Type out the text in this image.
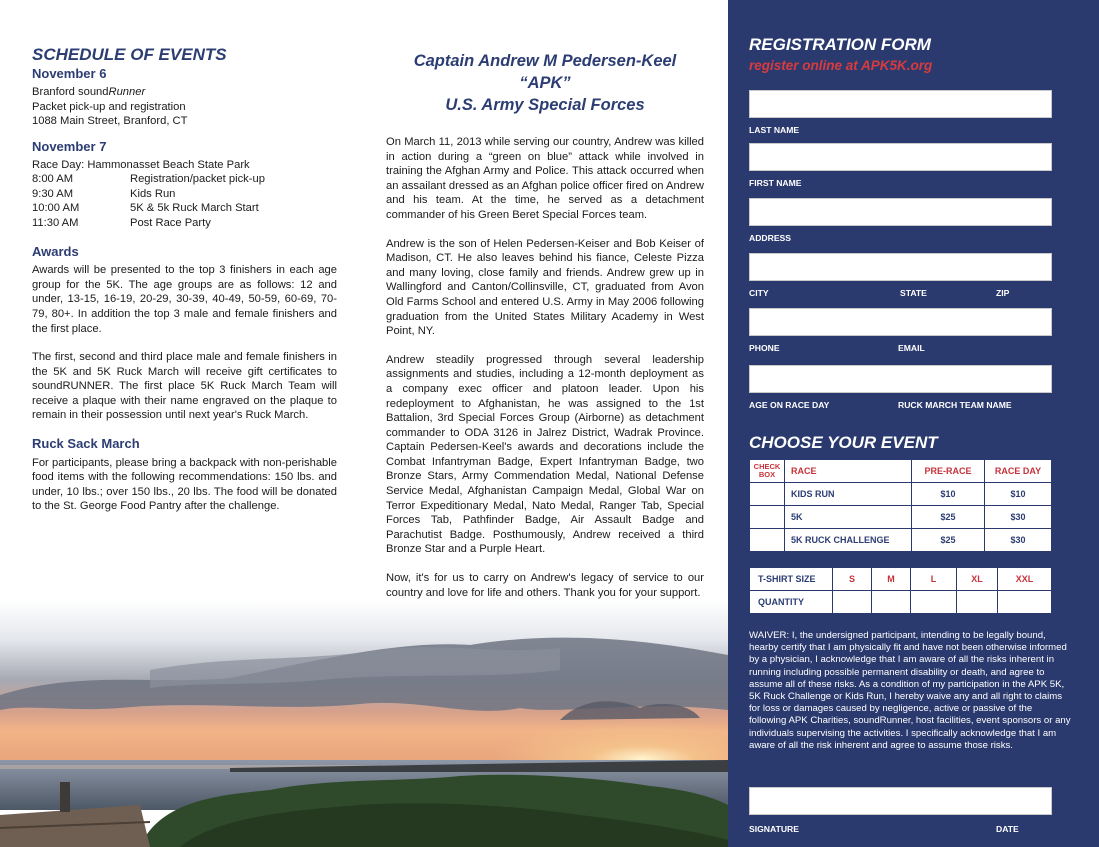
SCHEDULE OF EVENTS

November 6

Branford soundRunner

Packet pick-up and registration

1088 Main Street, Branford, CT

November 7

Race Day: Hammonasset Beach State Park

8:00 AM	Registration/packet pick-up
9:30 AM	Kids Run
10:00 AM	5K & 5k Ruck March Start
11:30 AM	Post Race Party

Awards

Awards will be presented to the top 3 finishers in each age group for the 5K. The age groups are as follows: 12 and under, 13-15, 16-19, 20-29, 30-39, 40-49, 50-59, 60-69, 70-79, 80+. In addition the top 3 male and female finishers and the first place.

The first, second and third place male and female finishers in the 5K and 5K Ruck March will receive gift certificates to soundRUNNER. The first place 5K Ruck March Team will receive a plaque with their name engraved on the plaque to remain in their possession until next year's Ruck March.

Ruck Sack March

For participants, please bring a backpack with non-perishable food items with the following recommendations: 150 lbs. and under, 10 lbs.; over 150 lbs., 20 lbs. The food will be donated to the St. George Food Pantry after the challenge.

Captain Andrew M Pedersen-Keel

“APK”

U.S. Army Special Forces

On March 11, 2013 while serving our country, Andrew was killed in action during a “green on blue” attack while involved in training the Afghan Army and Police. This attack occurred when an assailant dressed as an Afghan police officer fired on Andrew and his team. At the time, he served as a detachment commander of his Green Beret Special Forces team.

Andrew is the son of Helen Pedersen-Keiser and Bob Keiser of Madison, CT. He also leaves behind his fiance, Celeste Pizza and many loving, close family and friends. Andrew grew up in Wallingford and Canton/Collinsville, CT, graduated from Avon Old Farms School and entered U.S. Army in May 2006 following graduation from the United States Military Academy in West Point, NY.

Andrew steadily progressed through several leadership assignments and studies, including a 12-month deployment as a company exec officer and platoon leader. Upon his redeployment to Afghanistan, he was assigned to the 1st Battalion, 3rd Special Forces Group (Airborne) as detachment commander to ODA 3126 in Jalrez District, Wadrak Province. Captain Pedersen-Keel's awards and decorations include the Combat Infantryman Badge, Expert Infantryman Badge, two Bronze Stars, Army Commendation Medal, National Defense Service Medal, Afghanistan Campaign Medal, Global War on Terror Expeditionary Medal, Nato Medal, Ranger Tab, Special Forces Tab, Pathfinder Badge, Air Assault Badge and Parachutist Badge. Posthumously, Andrew received a third Bronze Star and a Purple Heart.

Now, it's for us to carry on Andrew's legacy of service to our country and love for life and others. Thank you for your support.

REGISTRATION FORM
register online at APK5K.org
LAST NAME
FIRST NAME
ADDRESS
CITY	STATE	ZIP
PHONE	EMAIL
AGE ON RACE DAY	RUCK MARCH TEAM NAME
CHOOSE YOUR EVENT
CHECK BOX	RACE	PRE-RACE	RACE DAY
	KIDS RUN	$10	$10
	5K	$25	$30
	5K RUCK CHALLENGE	$25	$30
T-SHIRT SIZE	S	M	L	XL	XXL
QUANTITY					

WAIVER: I, the undersigned participant, intending to be legally bound, hearby certify that I am physically fit and have not been otherwise informed by a physician, I acknowledge that I am aware of all the risks inherent in running including possible permanent disability or death, and agree to assume all of these risks. As a condition of my participation in the APK 5K, 5K Ruck Challenge or Kids Run, I hereby waive any and all right to claims for loss or damages caused by negligence, active or passive of the following APK Charities, soundRunner, host facilities, event sponsors or any individuals supervising the activities. I specifically acknowledge that I am aware of all the risk inherent and agree to assume those risks.

SIGNATURE	DATE
